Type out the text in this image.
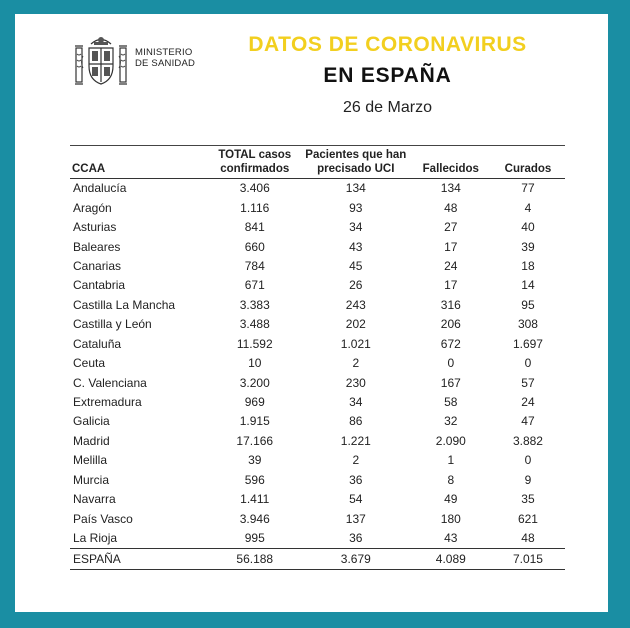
MINISTERIO
DE SANIDAD
DATOS DE CORONAVIRUS
EN ESPAÑA
26 de Marzo
CCAA	TOTAL casos confirmados	Pacientes que han precisado UCI	Fallecidos	Curados
Andalucía	3.406	134	134	77
Aragón	1.116	93	48	4
Asturias	841	34	27	40
Baleares	660	43	17	39
Canarias	784	45	24	18
Cantabria	671	26	17	14
Castilla La Mancha	3.383	243	316	95
Castilla y León	3.488	202	206	308
Cataluña	11.592	1.021	672	1.697
Ceuta	10	2	0	0
C. Valenciana	3.200	230	167	57
Extremadura	969	34	58	24
Galicia	1.915	86	32	47
Madrid	17.166	1.221	2.090	3.882
Melilla	39	2	1	0
Murcia	596	36	8	9
Navarra	1.411	54	49	35
País Vasco	3.946	137	180	621
La Rioja	995	36	43	48
ESPAÑA	56.188	3.679	4.089	7.015
